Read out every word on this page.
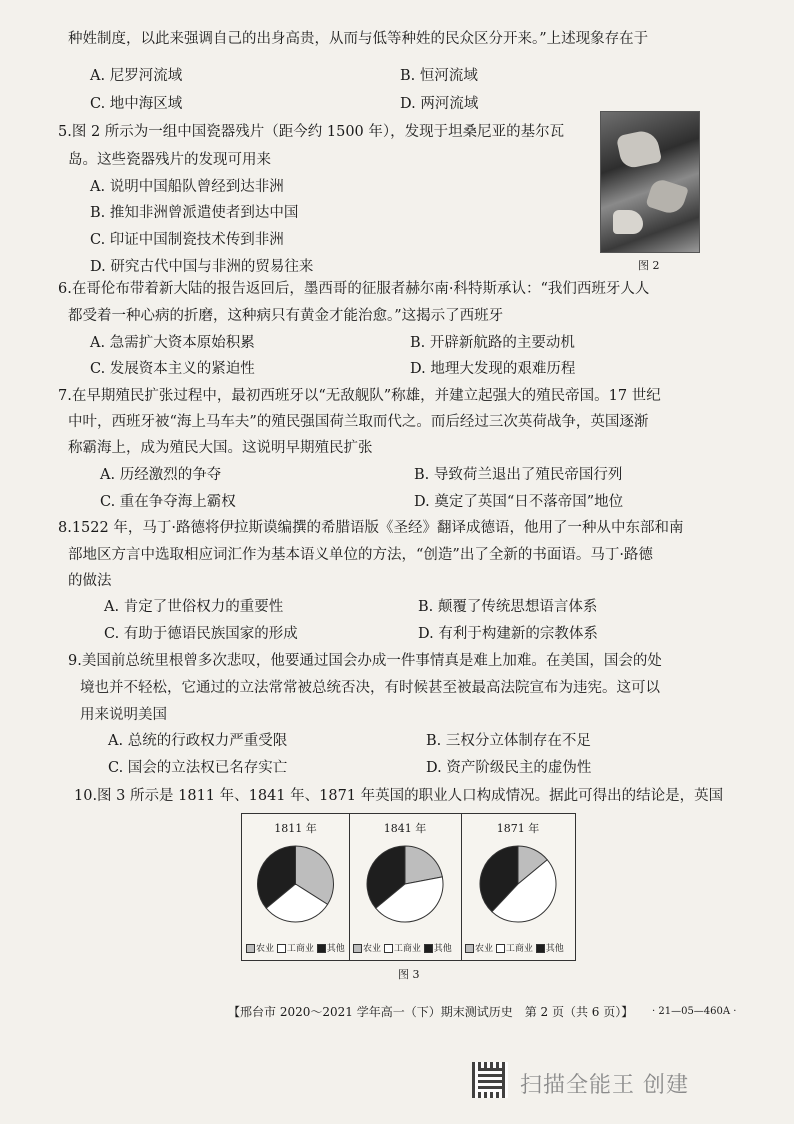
种姓制度，以此来强调自己的出身高贵，从而与低等种姓的民众区分开来。”上述现象存在于
A. 尼罗河流域	B. 恒河流域
C. 地中海区域	D. 两河流域
5.图 2 所示为一组中国瓷器残片（距今约 1500 年），发现于坦桑尼亚的基尔瓦
岛。这些瓷器残片的发现可用来
A. 说明中国船队曾经到达非洲
B. 推知非洲曾派遣使者到达中国
C. 印证中国制瓷技术传到非洲
D. 研究古代中国与非洲的贸易往来	图 2
6.在哥伦布带着新大陆的报告返回后，墨西哥的征服者赫尔南·科特斯承认：“我们西班牙人人
都受着一种心病的折磨，这种病只有黄金才能治愈。”这揭示了西班牙
A. 急需扩大资本原始积累	B. 开辟新航路的主要动机
C. 发展资本主义的紧迫性	D. 地理大发现的艰难历程
7.在早期殖民扩张过程中，最初西班牙以“无敌舰队”称雄，并建立起强大的殖民帝国。17 世纪
中叶，西班牙被“海上马车夫”的殖民强国荷兰取而代之。而后经过三次英荷战争，英国逐渐
称霸海上，成为殖民大国。这说明早期殖民扩张
A. 历经激烈的争夺	B. 导致荷兰退出了殖民帝国行列
C. 重在争夺海上霸权	D. 奠定了英国“日不落帝国”地位
8.1522 年，马丁·路德将伊拉斯谟编撰的希腊语版《圣经》翻译成德语，他用了一种从中东部和南
部地区方言中选取相应词汇作为基本语义单位的方法，“创造”出了全新的书面语。马丁·路德
的做法
A. 肯定了世俗权力的重要性	B. 颠覆了传统思想语言体系
C. 有助于德语民族国家的形成	D. 有利于构建新的宗教体系
9.美国前总统里根曾多次悲叹，他要通过国会办成一件事情真是难上加难。在美国，国会的处
境也并不轻松，它通过的立法常常被总统否决，有时候甚至被最高法院宣布为违宪。这可以
用来说明美国
A. 总统的行政权力严重受限	B. 三权分立体制存在不足
C. 国会的立法权已名存实亡	D. 资产阶级民主的虚伪性
10.图 3 所示是 1811 年、1841 年、1871 年英国的职业人口构成情况。据此可得出的结论是，英国
1811 年
农业 工商业 其他
1841 年
农业 工商业 其他
1871 年
农业 工商业 其他
图 3
【邢台市 2020～2021 学年高一（下）期末测试历史　第 2 页（共 6 页）】 · 21—05—460A ·
扫描全能王 创建
